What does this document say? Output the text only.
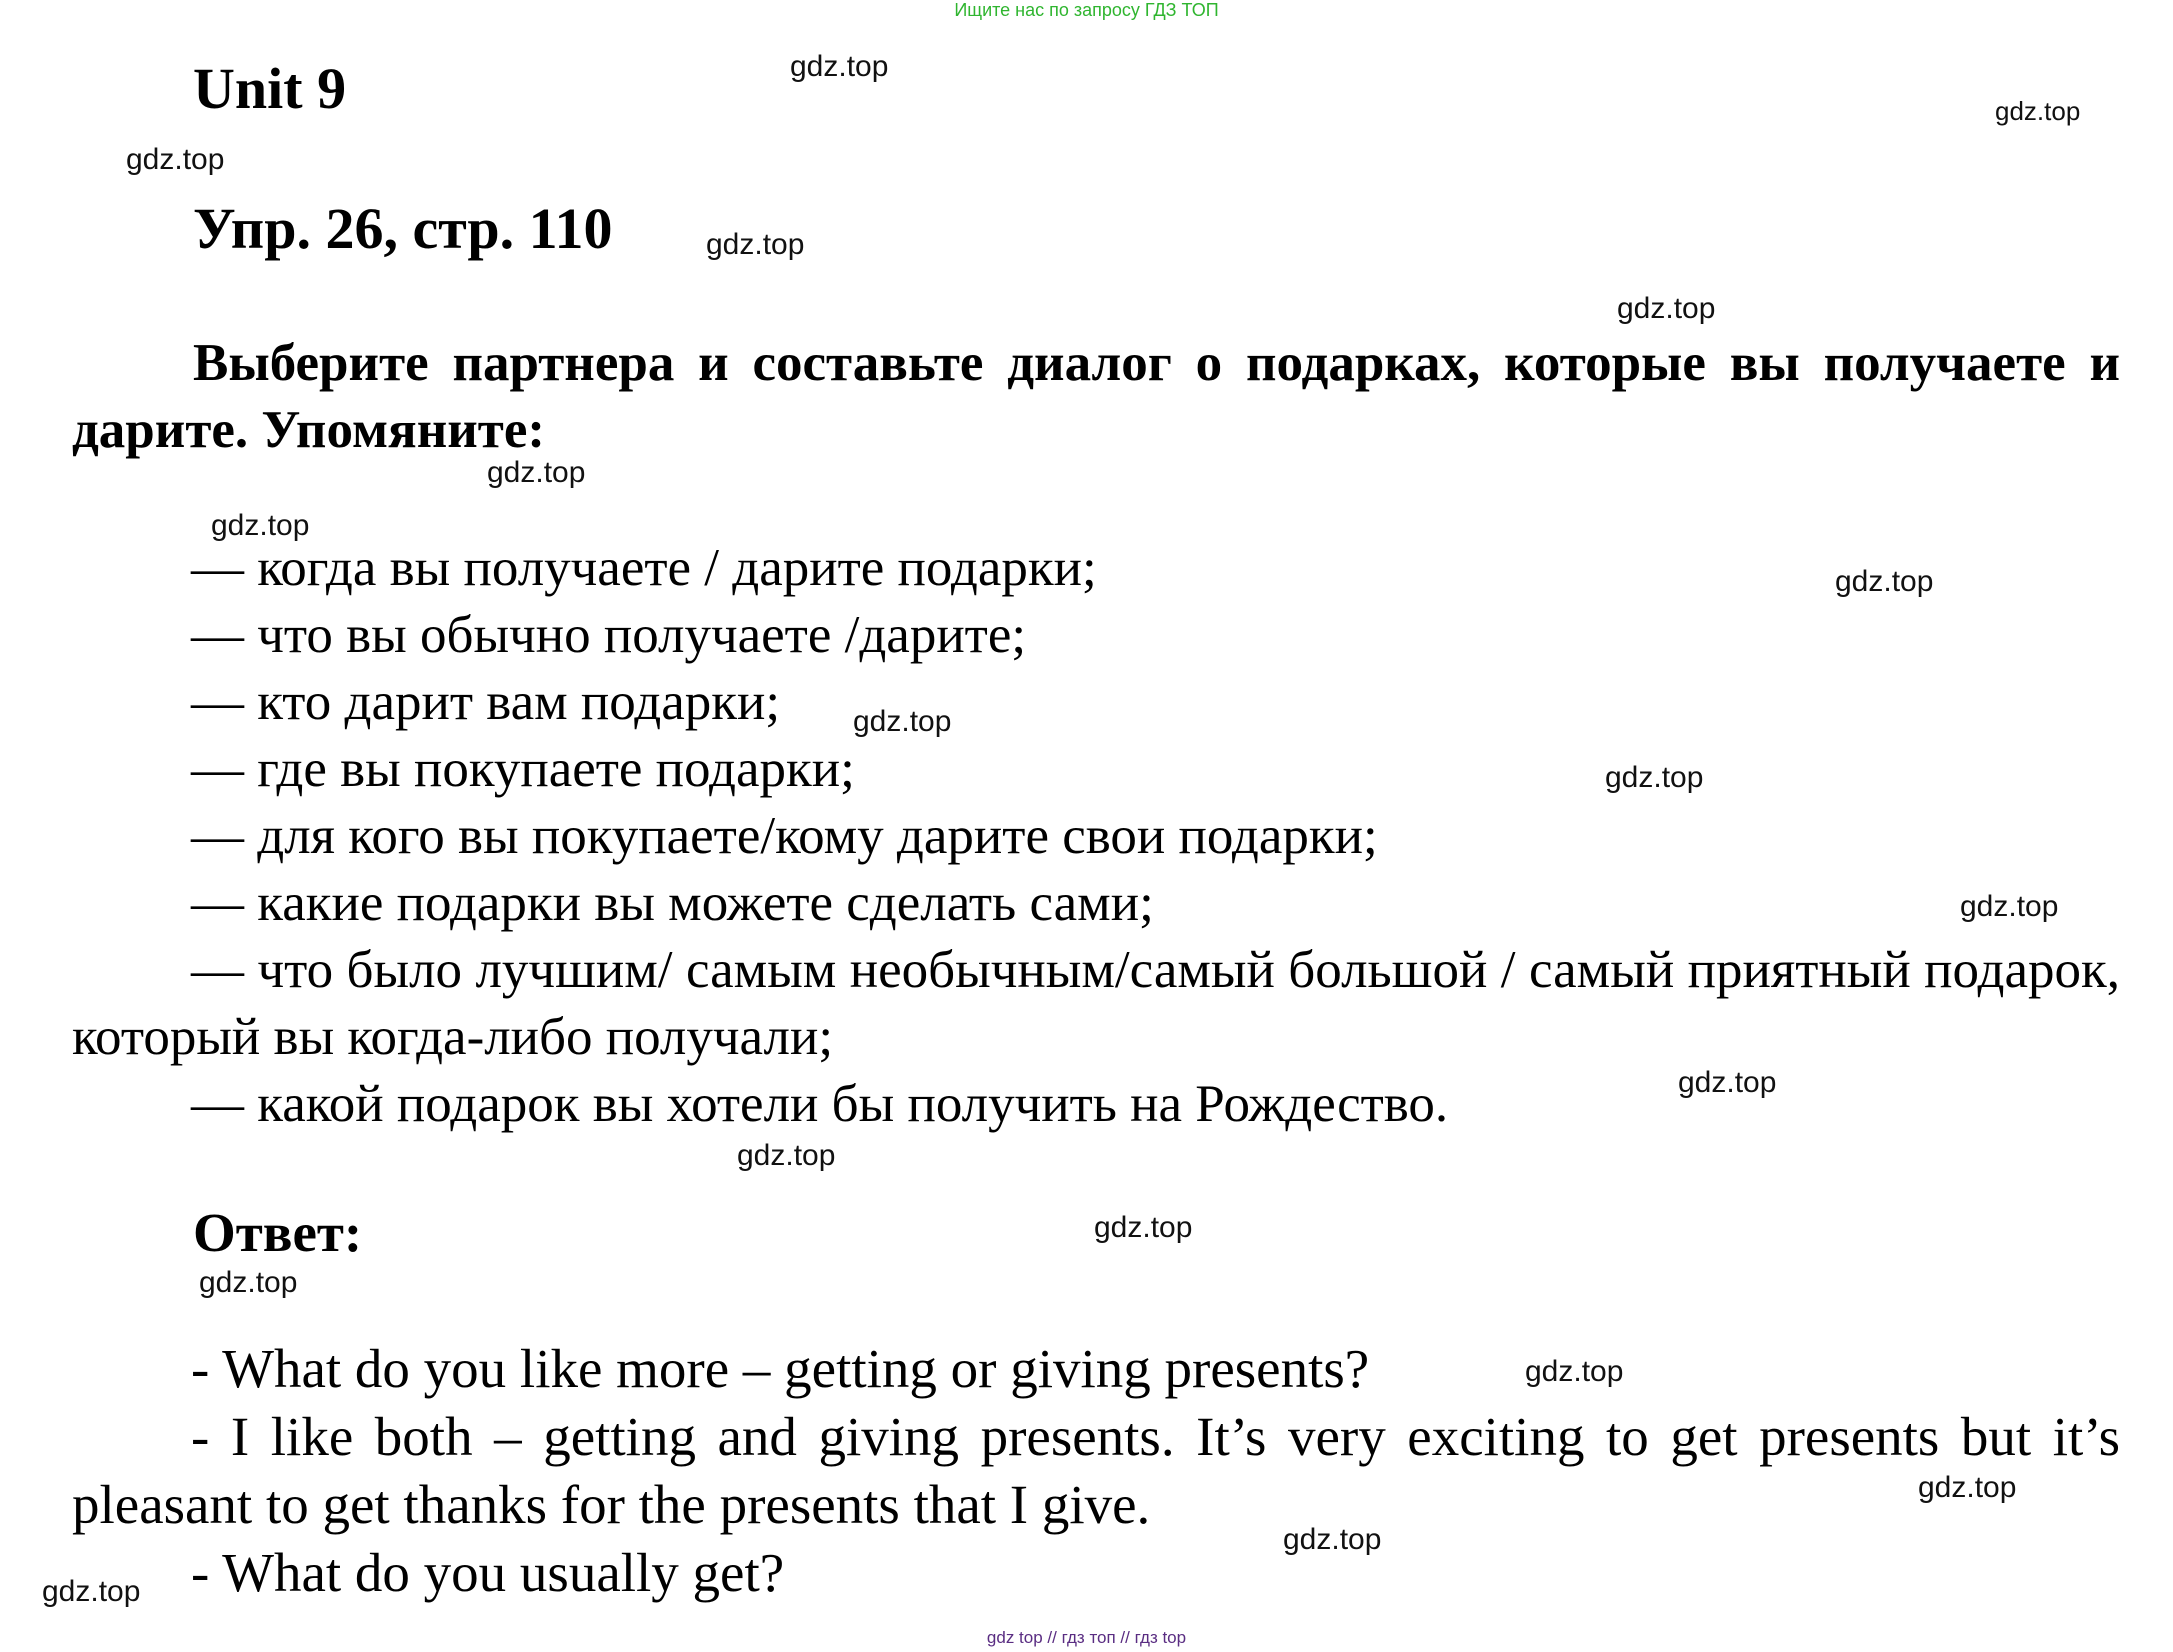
Ищите нас по запросу ГДЗ ТОП
Unit 9
Упр. 26, стр. 110
Выберите партнера и составьте диалог о подарках, которые вы получаете и дарите. Упомяните:
— когда вы получаете / дарите подарки;
— что вы обычно получаете /дарите;
— кто дарит вам подарки;
— где вы покупаете подарки;
— для кого вы покупаете/кому дарите свои подарки;
— какие подарки вы можете сделать сами;
— что было лучшим/ самым необычным/самый большой / самый приятный подарок, который вы когда-либо получали;
— какой подарок вы хотели бы получить на Рождество.
Ответ:

- What do you like more – getting or giving presents?

- I like both – getting and giving presents. It’s very exciting to get presents but it’s pleasant to get thanks for the presents that I give.

- What do you usually get?

gdz.top
gdz.top
gdz.top
gdz.top
gdz.top
gdz.top
gdz.top
gdz.top
gdz.top
gdz.top
gdz.top
gdz.top
gdz.top
gdz.top
gdz.top
gdz.top
gdz.top
gdz.top
gdz.top
gdz top // гдз топ // гдз top
